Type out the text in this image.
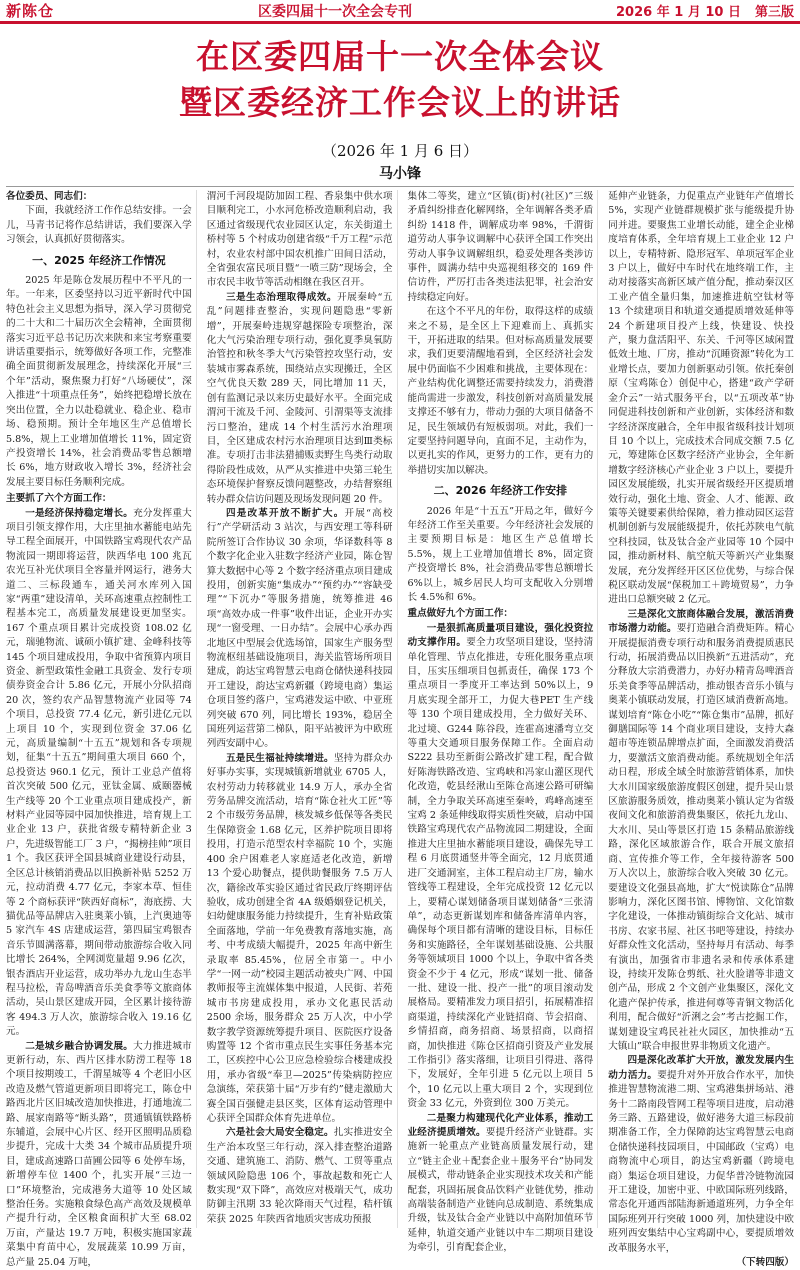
新陈仓	区委四届十一次全会专刊	2026 年 1 月 10 日 第三版
在区委四届十一次全体会议
暨区委经济工作会议上的讲话
（2026 年 1 月 6 日）
马小锋

各位委员、同志们：

下面，我就经济工作作总结安排。一会儿，马青书记将作总结讲话，我们要深入学习领会，认真抓好贯彻落实。

一、2025 年经济工作情况

2025 年是陈仓发展历程中不平凡的一年。一年来，区委坚持以习近平新时代中国特色社会主义思想为指导，深入学习贯彻党的二十大和二十届历次全会精神，全面贯彻落实习近平总书记历次来陕和来宝考察重要讲话重要指示，统筹做好各项工作，完整准确全面贯彻新发展理念，持续深化开展“三个年”活动，聚焦聚力打好“八场硬仗”，深入推进“十项重点任务”，始终把稳增长放在突出位置，全力以赴稳就业、稳企业、稳市场、稳预期。预计全年地区生产总值增长 5.8%，规上工业增加值增长 11%，固定资产投资增长 14%，社会消费品零售总额增长 6%，地方财政收入增长 3%，经济社会发展主要目标任务顺利完成。

主要抓了六个方面工作：

一是经济保持稳定增长。充分发挥重大项目引领支撑作用，大庄里抽水蓄能电站先导工程全面展开，中国铁路宝鸡现代农产品物流园一期即将运营，陕西华电 100 兆瓦农光互补光伏项目全容量并网运行，港务大道二、三标段通车，通关河水库列入国家“两重”建设清单，关环高速重点控制性工程基本完工，高质量发展建设更加坚实。167 个重点项目累计完成投资 108.02 亿元，瑞驰物流、诚硕小镇扩建、金峰科技等 145 个项目建成投用，争取中省预算内项目资金、新型政策性金融工具资金、发行专项债券资金合计 5.86 亿元，开展小分队招商 20 次，签约农产品智慧物流产业园等 74 个项目，总投资 77.4 亿元，新引进亿元以上项目 10 个，实现到位资金 37.06 亿元，高质量编制“十五五”规划和各专项规划，征集“十五五”期间重大项目 660 个，总投资达 960.1 亿元，预计工业总产值将首次突破 500 亿元，亚钛金属、威颐器械生产线等 20 个工业重点项目建成投产，新材料产业园等园中园加快推进，培育规上工业企业 13 户，获批省级专精特新企业 3 户，先进级智能工厂 3 户，“揭榜挂帅”项目 1 个。我区获评全国县城商业建设行动县，全区总计核销消费品以旧换新补贴 5252 万元，拉动消费 4.77 亿元，李家本草、恒佳等 2 个商标获评“陕西好商标”，海底捞、大猫优品等品牌店入驻奥莱小镇，上汽奥迪等 5 家汽车 4S 店建成运营，第四届宝鸡银杏音乐节圆满落幕，期间带动旅游综合收入同比增长 264%，全网浏览量超 9.96 亿次，银杏酒店开业运营，成功举办九龙山生态半程马拉松，青岛啤酒音乐美食季等文旅商体活动，吴山景区建成开园，全区累计接待游客 494.3 万人次，旅游综合收入 19.16 亿元。

二是城乡融合协调发展。大力推进城市更新行动，东、西片区排水防涝工程等 18 个项目按期竣工，千渭星城等 4 个老旧小区改造及燃气管道更新项目即将完工，陈仓中路西北片区旧城改造加快推进，打通地流二路、展家南路等“断头路”，贯通镇镇铁路桥东辅道，会展中心片区、经开区照明品质稳步提升，完成十大类 34 个城市品质提升项目，建成高速路口苗圃公园等 6 处停车场，新增停车位 1400 个，扎实开展“三边一口”环境整治，完成港务大道等 10 处区域整治任务。实施粮食绿色高产高效及规模单产提升行动，全区粮食面积扩大至 68.02 万亩，产量达 19.7 万吨，积极实施国家蔬菜集中育苗中心，发展蔬菜 10.99 万亩，总产量 25.04 万吨，

渭河千河段堤防加固工程、香泉集中供水项目顺利完工，小水河危桥改造顺利启动，我区通过省级现代农业园区认定，东关街道土桥村等 5 个村成功创建省级“千万工程”示范村，农业农村部中国农机推广田间日活动，全省强农富民项目暨“一喷三防”现场会，全市农民丰收节等活动相继在我区召开。

三是生态治理取得成效。开展秦岭“五乱”问题排查整治，实现问题隐患“零新增”，开展秦岭违规穿越探险专项整治，深化大气污染治理专项行动，强化夏季臭氧防治管控和秋冬季大气污染管控攻坚行动，安装城市雾森系统，围绕站点实现搬迁，全区空气优良天数 289 天，同比增加 11 天，创有监测记录以来历史最好水平。全面完成渭河干流及千河、金陵河、引渭渠等支流排污口整治，建成 14 个村生活污水治理项目，全区建成农村污水治理项目达到Ⅲ类标准。专项打击非法猎捕贩卖野生鸟类行动取得阶段性成效，从严从实推进中央第三轮生态环境保护督察反馈问题整改，办结督察组转办群众信访问题及现场发现问题 20 件。

四是改革开放不断扩大。开展“高校行”产学研活动 3 站次，与西安理工等科研院所签订合作协议 30 余项，华译数科等 8 个数字化企业入驻数字经济产业园，陈仓智算大数据中心等 2 个数字经济重点项目建成投用，创新实施“集成办”“预约办”“容缺受理”“下沉办”等服务措施，统筹推进 46 项“高效办成一件事”收件出证，企业开办实现“一窗受理、一日办结”。会展中心承办西北地区中型展会优选场馆，国家生产服务型物流枢纽基础设施项目，海关监管场所项目建成，韵达宝鸡智慧云电商仓储快递科技园开工建设，韵达宝鸡新疆（跨境电商）集运仓项目签约落户，宝鸡港发运中欧、中亚班列突破 670 列，同比增长 193%，稳居全国班列运营第二梯队，阳平站被评为中欧班列西安副中心。

五是民生福祉持续增进。坚持为群众办好事办实事，实现城镇新增就业 6705 人，农村劳动力转移就业 14.9 万人，承办全省劳务品牌交流活动，培育“陈仓社火工匠”等 2 个市级劳务品牌，核发城乡低保等各类民生保障资金 1.68 亿元，区养护院项目即将投用，打造示范型农村幸福院 10 个，实施 400 余户困难老人家庭适老化改造，新增 13 个爱心助餐点，提供助餐服务 7.5 万人次，籍徐改革实验区通过省民政厅终期评估验收，成功创建全省 4A 级婚姻登记机关，妇幼健康服务能力持续提升，生育补贴政策全面落地，学前一年免费教育落地实施，高考、中考成绩大幅提升，2025 年高中新生录取率 85.45%，位居全市第一。中小学“一网一动”校园主题活动被央广网、中国教师报等主流媒体集中报道，人民街、若苑城市书房建成投用，承办文化惠民活动 2500 余场，服务群众 25 万人次，中小学数字教学资源统筹提升项目、医院医疗设备购置等 12 个省市重点民生实事任务基本完工，区疾控中心公卫应急检验综合楼建成投用，承办省级“奉卫—2025”传染病防控应急演练，荣获第十届“万步有约”健走激励大赛全国百强健走县区奖，区体育运动管理中心获评全国群众体育先进单位。

六是社会大局安全稳定。扎实推进安全生产治本攻坚三年行动，深入排查整治道路交通、建筑施工、消防、燃气、工贸等重点领域风险隐患 106 个，事故起数和死亡人数实现“双下降”，高效应对极端天气，成功防御主汛期 33 轮次降雨天气过程，秸杆镇荣获 2025 年陕西省地质灾害成功预报

集体二等奖，建立“区镇(街)村(社区)”三级矛盾纠纷排查化解网络，全年调解各类矛盾纠纷 1418 件，调解成功率 98%，千渭街道劳动人事争议调解中心获评全国工作突出劳动人事争议调解组织，稳妥处理各类涉访事件，圆满办结中央巡视组移交的 169 件信访件，严厉打击各类违法犯罪，社会治安持续稳定向好。

在这个不平凡的年份，取得这样的成绩来之不易，是全区上下迎难而上、真抓实干，开拓进取的结果。但对标高质量发展要求，我们更要清醒地看到，全区经济社会发展中仍面临不少困难和挑战，主要体现在：产业结构优化调整还需要持续发力，消费潜能尚需进一步激发，科技创新对高质量发展支撑还不够有力，带动力强的大项目储备不足，民生领域仍有短板弱项。对此，我们一定要坚持问题导向，直面不足，主动作为，以更扎实的作风，更努力的工作，更有力的举措切实加以解决。

二、2026 年经济工作安排

2026 年是“十五五”开局之年，做好今年经济工作至关重要。今年经济社会发展的主要预期目标是：地区生产总值增长 5.5%，规上工业增加值增长 8%，固定资产投资增长 8%，社会消费品零售总额增长 6%以上，城乡居民人均可支配收入分别增长 4.5%和 6%。

重点做好九个方面工作：

一是狠抓高质量项目建设，强化投资拉动支撑作用。要全力攻坚项目建设，坚持清单化管理、节点化推进，专班化服务重点项目，压实压细项目包抓责任，确保 173 个重点项目一季度开工率达到 50%以上，9 月底实现全部开工，力促大巷PET 生产线等 130 个项目建成投用，全力做好关环、北过境、G244 陈谷段，连霍高速潘弯立交等重大交通项目服务保障工作。全面启动 S222 县功至新街公路改扩建工程，配合做好陈海铁路改造、宝鸡峡和冯家山灌区现代化改造，乾县经湫山至陈仓高速公路可研编制，全力争取关环高速至秦岭，鸡峰高速至宝鸡 2 条延伸线取得实质性突破，启动中国铁路宝鸡现代农产品物流园二期建设，全面推进大庄里抽水蓄能项目建设，确保先导工程 6 月底贯通竖井等全面完，12 月底贯通进厂交通洞室，主体工程启动主厂房，输水管线等工程建设，全年完成投资 12 亿元以上，要精心谋划储备项目谋划储备“三张清单”，动态更新谋划库和储备库清单内容，确保每个项目都有清晰的建设目标，目标任务和实施路径，全年谋划基础设施、公共服务等领域项目 1000 个以上，争取中省各类资金不少于 4 亿元，形成“谋划一批、储备一批、建设一批、投产一批”的项目滚动发展格局。要精准发力项目招引，拓展精准招商渠道，持续深化产业链招商、节会招商、乡情招商，商务招商、场景招商，以商招商，加快推进《陈仓区招商引资及产业发展工作指引》落实落细，让项目引得进、落得下，发展好，全年引进 5 亿元以上项目 5 个，10 亿元以上重大项目 2 个，实现到位资金 33 亿元，外资到位 300 万美元。

二是聚力构建现代化产业体系，推动工业经济提质增效。要提升经济产业链群。实施新一轮重点产业链高质量发展行动，建立“链主企业＋配套企业＋服务平台”协同发展模式，带动链条企业实现技术攻关和产能配套，巩固拓展食品饮料产业链优势，推动高端装备制造产业链向总成制造、系统集成升级，钛及钛合金产业链以中高附加值环节延伸，轨道交通产业链以中车二期项目建设为牵引，引育配套企业，

延伸产业链条，力促重点产业链年产值增长 5%，实现产业链群规模扩张与能级提升协同并进。要聚焦工业增长动能，建全企业梯度培育体系，全年培育规上工业企业 12 户以上，专精特新、隐形冠军、单项冠军企业 3 户以上，做好中车时代在地终端工作，主动对接落实高新区域产值分配，推动秦汉区工业产值全量归集，加速推进航空钛材等 13 个续建项目和轨道交通提质增效延伸等 24 个新建项目投产上线，快建设、快投产，聚力盘活阳平、东关、千河等区域闲置低效土地、厂房，推动“沉睡资源”转化为工业增长点，要加力创新驱动引领。依托秦创原（宝鸡陈仓）创促中心，搭建“政产学研金介云”一站式服务平台，以“五项改革”协同促进科技创新和产业创新，实体经济和数字经济深度融合，全年申报省级科技计划项目 10 个以上，完成技术合同成交额 7.5 亿元，筹建陈仓区数字经济产业协会，全年新增数字经济核心产业企业 3 户以上，要提升园区发展能级，扎实开展省级经开区提质增效行动，强化土地、资金、人才、能源、政策等关键要素供给保障，着力推动园区运营机制创新与发展能级提升，依托苏陕电气航空科技园，钛及钛合金产业园等 10 个园中园，推动新材料、航空航天等新兴产业集聚发展，充分发挥经开区区位优势，与综合保税区联动发展“保税加工＋跨境贸易”，力争进出口总额突破 2 亿元。

三是深化文旅商体融合发展，激活消费市场潜力动能。要打造融合消费矩阵。精心开展提振消费专项行动和服务消费提质惠民行动，拓展消费品以旧换新“五进活动”，充分释放大宗消费潜力，办好办精青岛啤酒音乐美食季等品牌活动，推动银杏音乐小镇与奥莱小镇联动发展，打造区域消费新高地。谋划培育“陈仓小吃”“陈仓集市”品牌，抓好御膳国际等 14 个商业项目建设，支持大森超市等连锁品牌增点扩面，全面激发消费活力，要激活文旅消费动能。系统规划全年活动日程，形成全域全时旅游营销体系，加快大水川国家级旅游度假区创建，提升吴山景区旅游服务质效，推动奥莱小镇认定为省级夜间文化和旅游消费集聚区，依托九龙山、大水川、吴山等景区打造 15 条精品旅游线路，深化区域旅游合作，联合开展文旅招商、宣传推介等工作，全年接待游客 500 万人次以上，旅游综合收入突破 30 亿元。要建设文化强县高地，扩大“悦读陈仓”品牌影响力，深化区图书馆、博物馆、文化馆数字化建设，一体推动镇街综合文化站、城市书房、农家书屋、社区书吧等建设，持续办好群众性文化活动，坚持每月有活动、每季有演出，加强省市非遗名录和传承体系建设，持续开发陈仓剪纸、社火脸谱等非遗文创产品，形成 2 个文创产业集聚区，深化文化遗产保护传承，推进何尊等青铜文物活化利用，配合做好“沂浰之会”考古挖掘工作，谋划建设宝鸡民社社火园区，加快推动“五大镇山”联合申报世界非物质文化遗产。

四是深化改革扩大开放，激发发展内生动力活力。要提升对外开放合作水平，加快推进智慧物流港二期、宝鸡港集拼场站、港务十二路南段管网工程等项目进度，启动港务三路、五路建设，做好港务大道三标段前期准备工作，全力保障韵达宝鸡智慧云电商仓储快递科技园项目，中国邮政（宝鸡）电商物流中心项目，韵达宝鸡新疆（跨境电商）集运仓项目建设，力促华普冷链物流园开工建设，加密中亚、中欧国际班列线路，常态化开通西部陆海新通道班列，力争全年国际班列开行突破 1000 列，加快建设中欧班列西安集结中心宝鸡副中心，要提质增效改革服务水平，

（下转四版）
